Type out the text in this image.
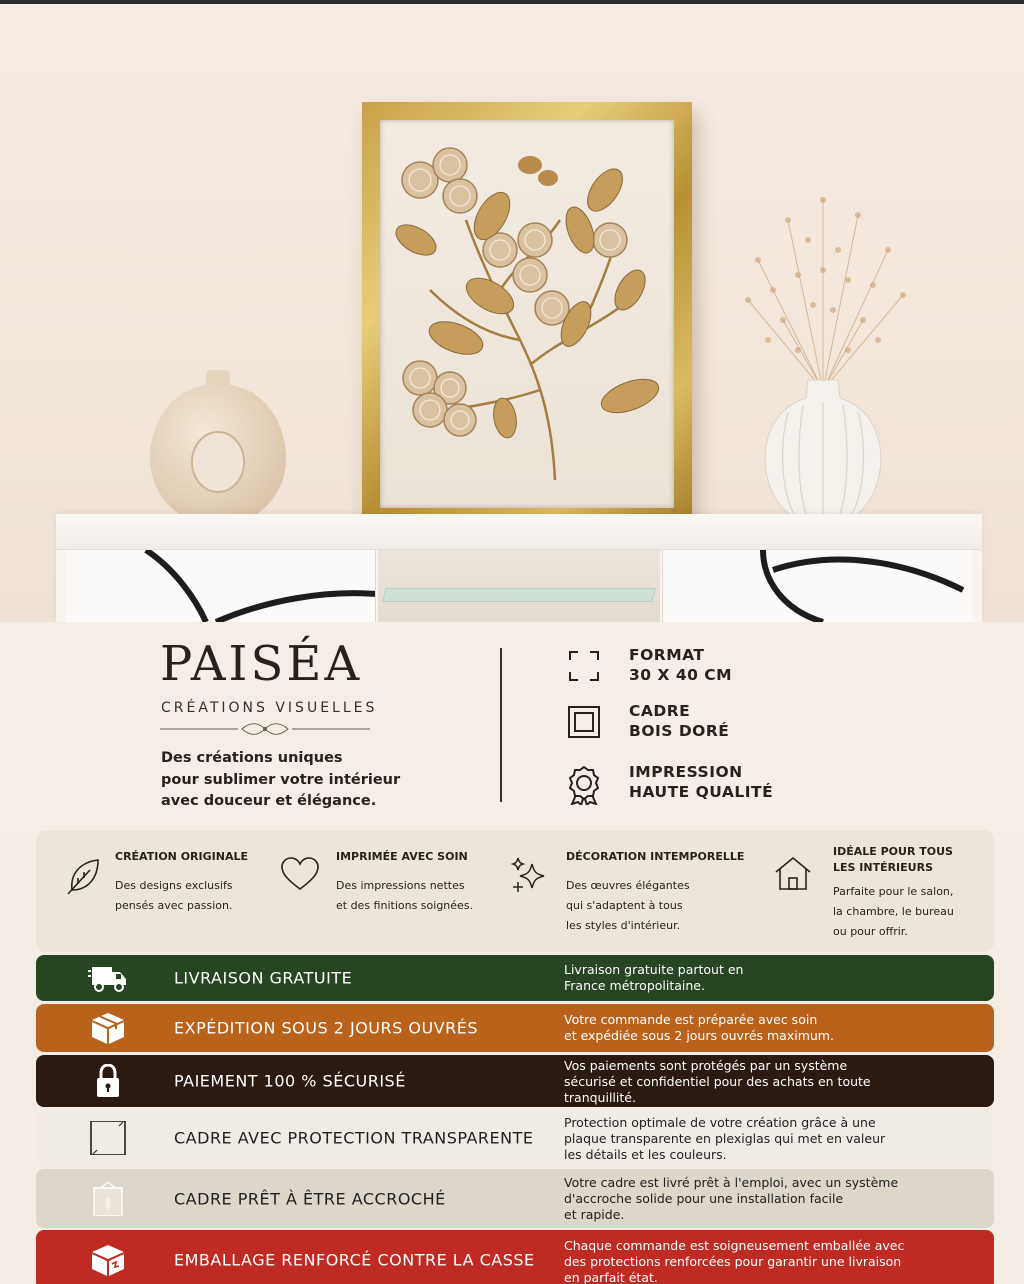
PAISÉA
CRÉATIONS VISUELLES
Des créations uniques
pour sublimer votre intérieur
avec douceur et élégance.
FORMAT
30 X 40 CM
CADRE
BOIS DORÉ
IMPRESSION
HAUTE QUALITÉ
CRÉATION ORIGINALE
Des designs exclusifs
pensés avec passion.
IMPRIMÉE AVEC SOIN
Des impressions nettes
et des finitions soignées.
DÉCORATION INTEMPORELLE
Des œuvres élégantes
qui s'adaptent à tous
les styles d'intérieur.
IDÉALE POUR TOUS
LES INTÉRIEURS
Parfaite pour le salon,
la chambre, le bureau
ou pour offrir.
LIVRAISON GRATUITE	Livraison gratuite partout en
France métropolitaine.
EXPÉDITION SOUS 2 JOURS OUVRÉS	Votre commande est préparée avec soin
et expédiée sous 2 jours ouvrés maximum.
PAIEMENT 100 % SÉCURISÉ
Vos paiements sont protégés par un système
sécurisé et confidentiel pour des achats en toute
tranquillité.
CADRE AVEC PROTECTION TRANSPARENTE
Protection optimale de votre création grâce à une
plaque transparente en plexiglas qui met en valeur
les détails et les couleurs.
CADRE PRÊT À ÊTRE ACCROCHÉ
Votre cadre est livré prêt à l'emploi, avec un système
d'accroche solide pour une installation facile
et rapide.
EMBALLAGE RENFORCÉ CONTRE LA CASSE
Chaque commande est soigneusement emballée avec
des protections renforcées pour garantir une livraison
en parfait état.
